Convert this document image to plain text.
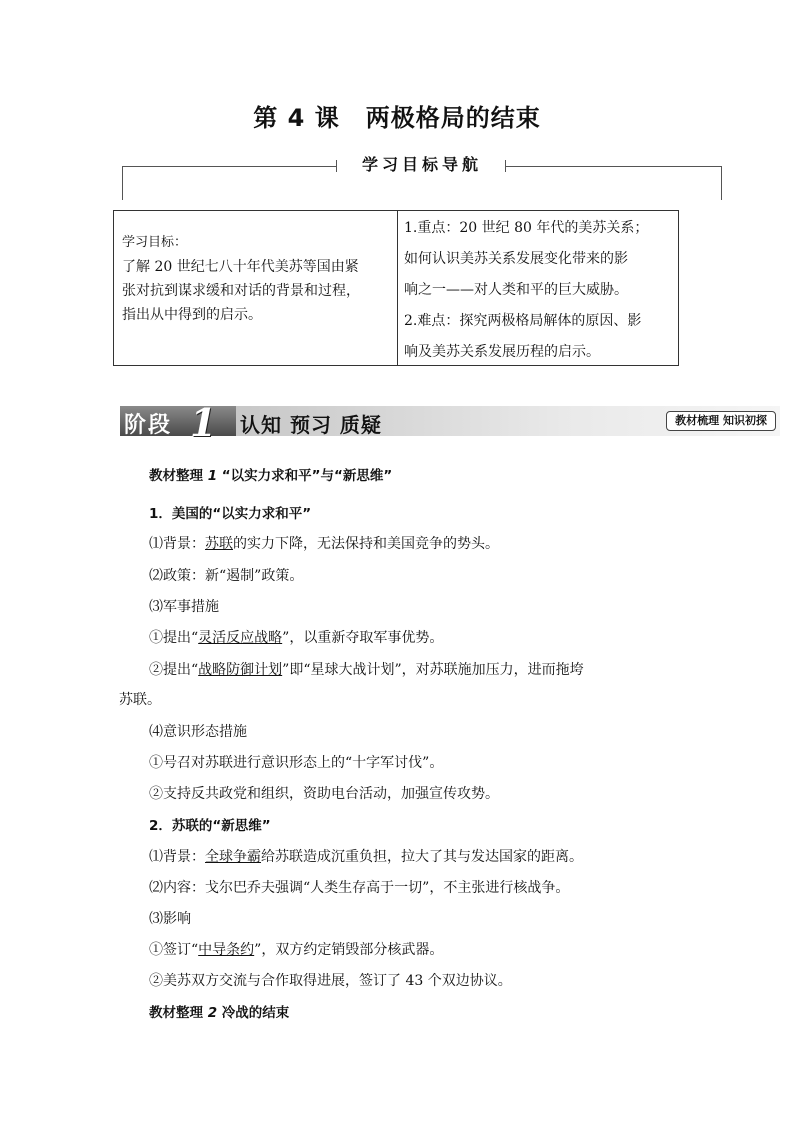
第 4 课 两极格局的结束
学习目标导航
学习目标：
了解 20 世纪七八十年代美苏等国由紧
张对抗到谋求缓和对话的背景和过程，
指出从中得到的启示。
1.重点：20 世纪 80 年代的美苏关系；
如何认识美苏关系发展变化带来的影
响之一——对人类和平的巨大威胁。
2.难点：探究两极格局解体的原因、影
响及美苏关系发展历程的启示。
阶段 1 认知 预习 质疑	教材梳理 知识初探
教材整理 1 “以实力求和平”与“新思维”
1．美国的“以实力求和平”
⑴背景：苏联的实力下降，无法保持和美国竞争的势头。
⑵政策：新“遏制”政策。
⑶军事措施
①提出“灵活反应战略”，以重新夺取军事优势。
②提出“战略防御计划”即“星球大战计划”，对苏联施加压力，进而拖垮
苏联。
⑷意识形态措施
①号召对苏联进行意识形态上的“十字军讨伐”。
②支持反共政党和组织，资助电台活动，加强宣传攻势。
2．苏联的“新思维”
⑴背景：全球争霸给苏联造成沉重负担，拉大了其与发达国家的距离。
⑵内容：戈尔巴乔夫强调“人类生存高于一切”，不主张进行核战争。
⑶影响
①签订“中导条约”，双方约定销毁部分核武器。
②美苏双方交流与合作取得进展，签订了 43 个双边协议。
教材整理 2 冷战的结束
